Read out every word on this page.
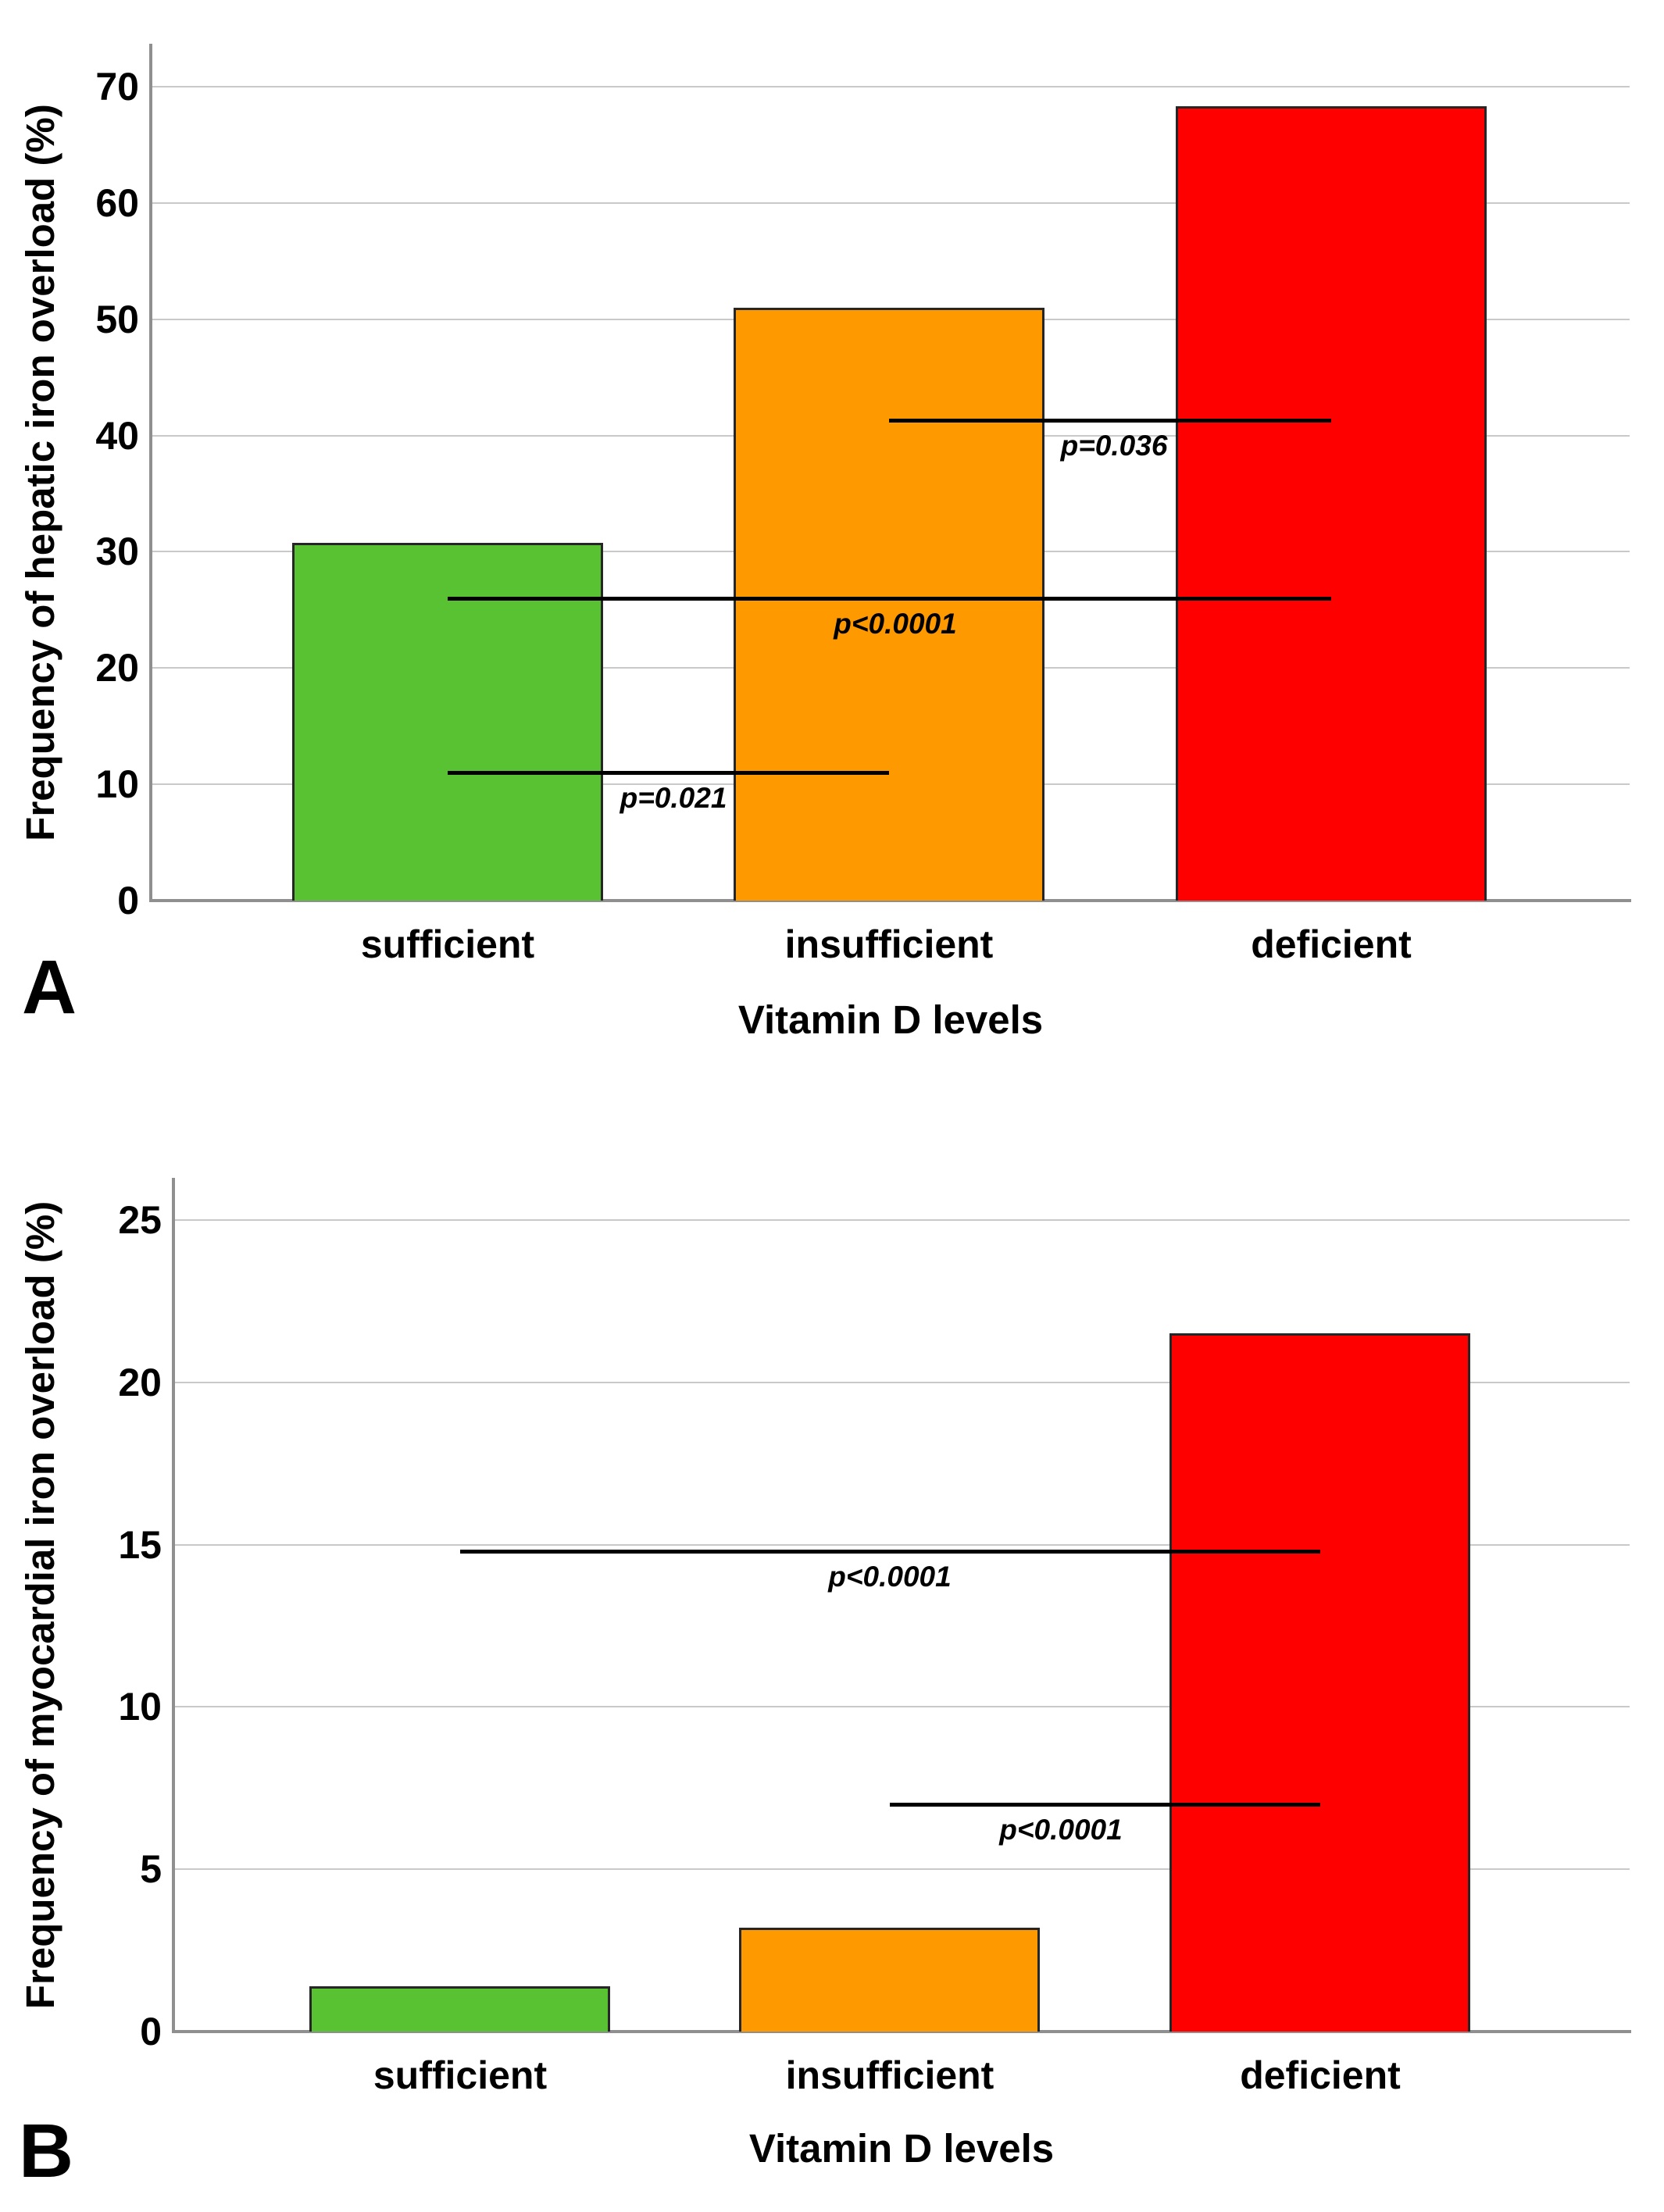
0
10
20
30
40
50
60
70
p=0.021
p<0.0001
p=0.036
sufficient	insufficient	deficient
Vitamin D levels
Frequency of hepatic iron overload (%)
A
0
5
10
15
20
25
p<0.0001
p<0.0001
sufficient	insufficient	deficient
Vitamin D levels
Frequency of myocardial iron overload (%)
B
